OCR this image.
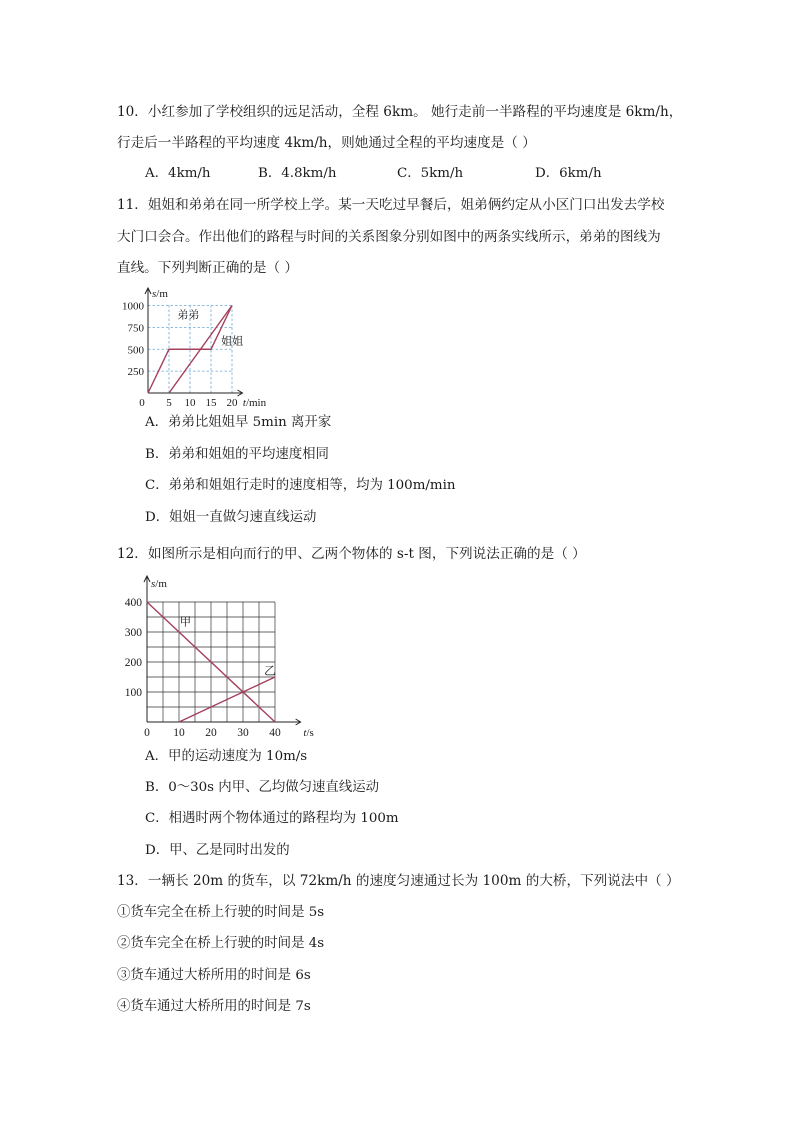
10．小红参加了学校组织的远足活动，全程 6km。 她行走前一半路程的平均速度是 6km/h，
行走后一半路程的平均速度 4km/h，则她通过全程的平均速度是（ ）
A．4km/h	B．4.8km/h	C．5km/h	D．6km/h
11．姐姐和弟弟在同一所学校上学。某一天吃过早餐后，姐弟俩约定从小区门口出发去学校
大门口会合。作出他们的路程与时间的关系图象分别如图中的两条实线所示，弟弟的图线为
直线。下列判断正确的是（ ）
250
500
750
1000
0 5 10 15 20
s/m
t/min
弟弟
姐姐
A．弟弟比姐姐早 5min 离开家
B．弟弟和姐姐的平均速度相同
C．弟弟和姐姐行走时的速度相等，均为 100m/min
D．姐姐一直做匀速直线运动
12．如图所示是相向而行的甲、乙两个物体的 s-t 图，下列说法正确的是（ ）
100
200
300
400
0 10 20 30 40
s/m
t/s
甲
乙
A．甲的运动速度为 10m/s
B．0～30s 内甲、乙均做匀速直线运动
C．相遇时两个物体通过的路程均为 100m
D．甲、乙是同时出发的
13．一辆长 20m 的货车，以 72km/h 的速度匀速通过长为 100m 的大桥，下列说法中（ ）
①货车完全在桥上行驶的时间是 5s
②货车完全在桥上行驶的时间是 4s
③货车通过大桥所用的时间是 6s
④货车通过大桥所用的时间是 7s
